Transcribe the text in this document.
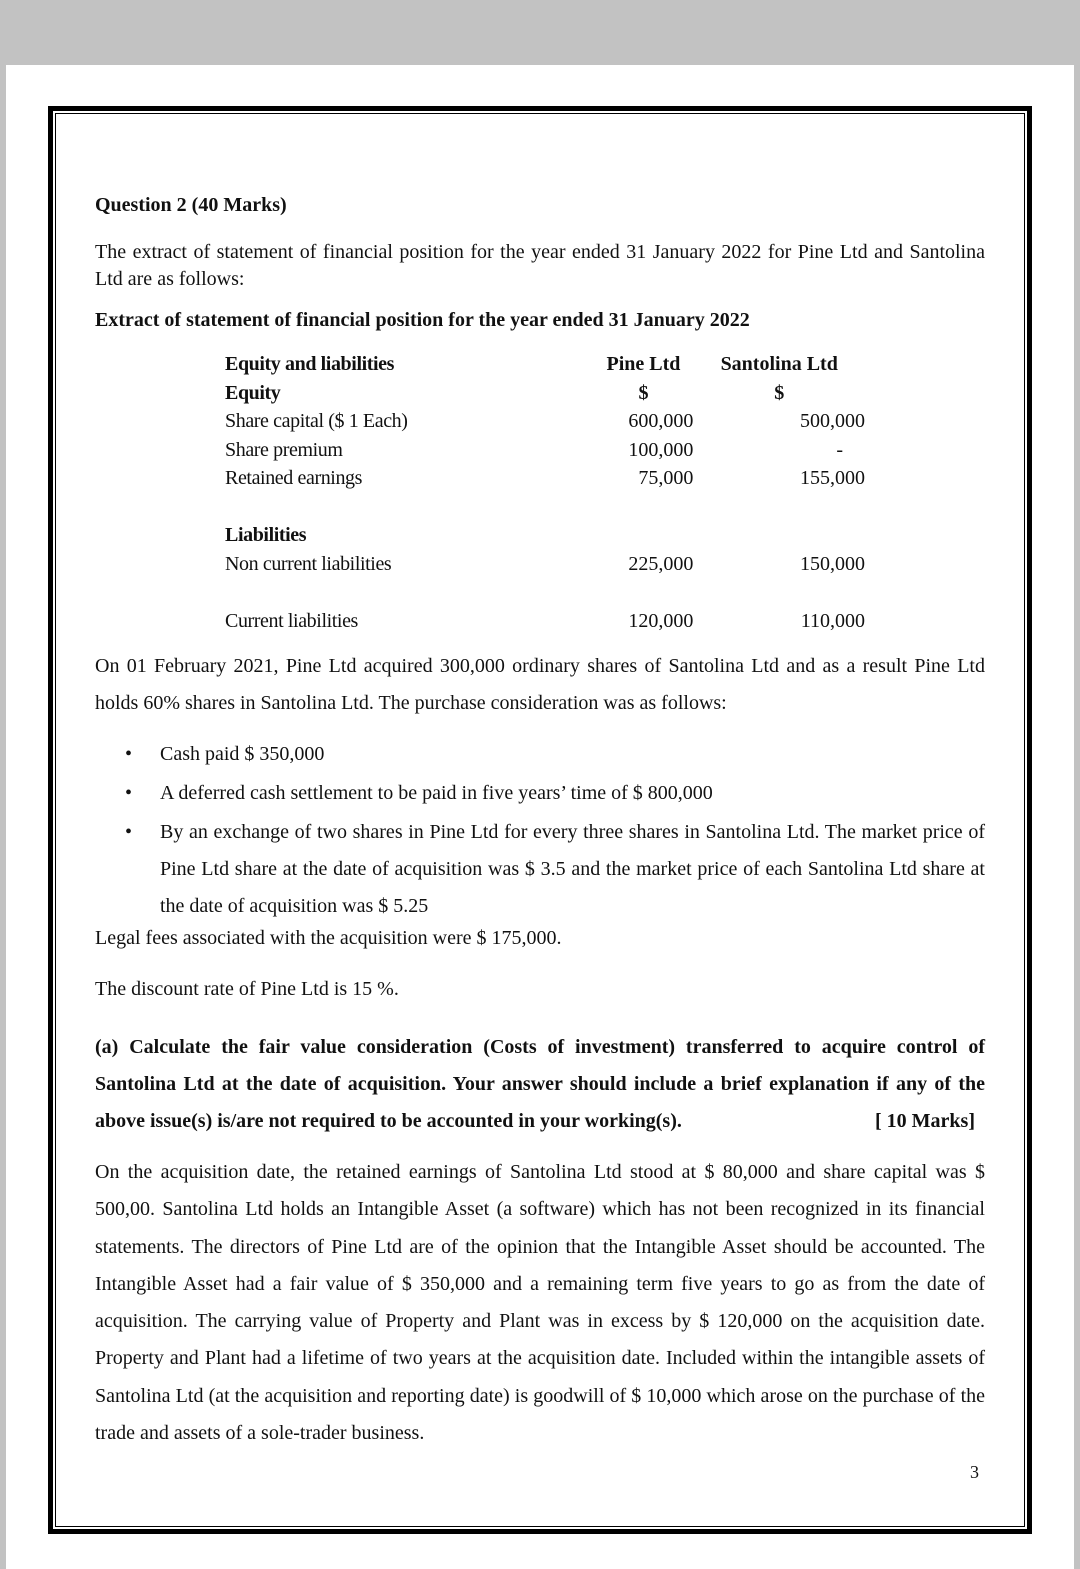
Question 2 (40 Marks)
The extract of statement of financial position for the year ended 31 January 2022 for Pine Ltd and Santolina Ltd are as follows:
Extract of statement of financial position for the year ended 31 January 2022
Equity and liabilities	Pine Ltd	Santolina Ltd
Equity	$	$
Share capital ($ 1 Each)	600,000	500,000
Share premium	100,000	-
Retained earnings	75,000	155,000

Liabilities		
Non current liabilities	225,000	150,000

Current liabilities	120,000	110,000
On 01 February 2021, Pine Ltd acquired 300,000 ordinary shares of Santolina Ltd and as a result Pine Ltd holds 60% shares in Santolina Ltd. The purchase consideration was as follows:
• Cash paid $ 350,000
• A deferred cash settlement to be paid in five years’ time of $ 800,000
• By an exchange of two shares in Pine Ltd for every three shares in Santolina Ltd. The market price of Pine Ltd share at the date of acquisition was $ 3.5 and the market price of each Santolina Ltd share at the date of acquisition was $ 5.25
Legal fees associated with the acquisition were $ 175,000.
The discount rate of Pine Ltd is 15 %.
(a) Calculate the fair value consideration (Costs of investment) transferred to acquire control of Santolina Ltd at the date of acquisition. Your answer should include a brief explanation if any of the above issue(s) is/are not required to be accounted in your working(s).	[ 10 Marks]
On the acquisition date, the retained earnings of Santolina Ltd stood at $ 80,000 and share capital was $ 500,00. Santolina Ltd holds an Intangible Asset (a software) which has not been recognized in its financial statements. The directors of Pine Ltd are of the opinion that the Intangible Asset should be accounted. The Intangible Asset had a fair value of $ 350,000 and a remaining term five years to go as from the date of acquisition. The carrying value of Property and Plant was in excess by $ 120,000 on the acquisition date. Property and Plant had a lifetime of two years at the acquisition date. Included within the intangible assets of Santolina Ltd (at the acquisition and reporting date) is goodwill of $ 10,000 which arose on the purchase of the trade and assets of a sole-trader business.
3
